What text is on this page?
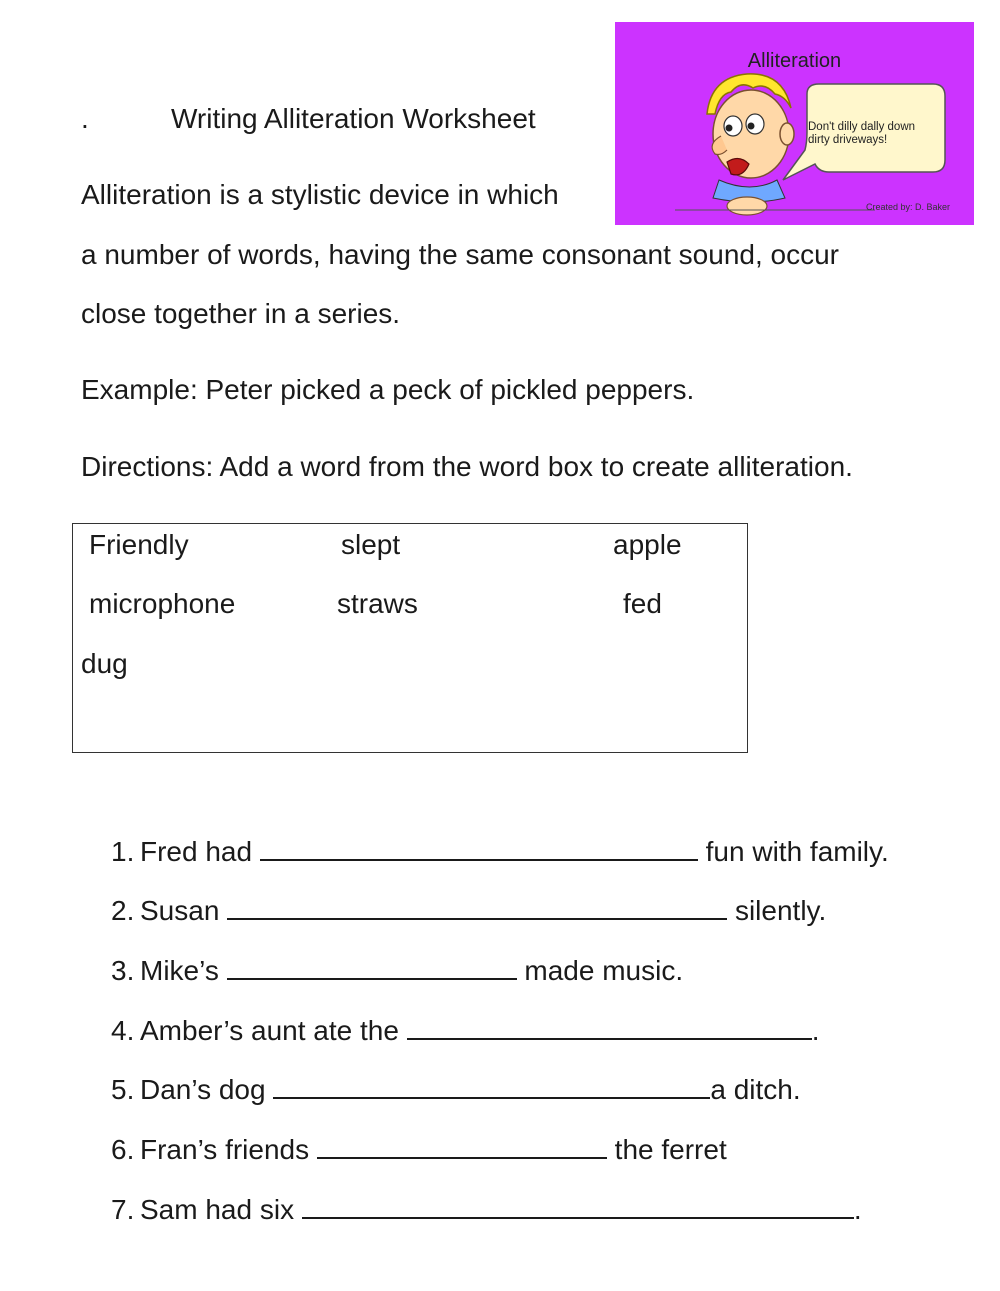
.	Writing Alliteration Worksheet
Alliteration
Don't dilly dally down
dirty driveways!
Created by: D. Baker
Alliteration is a stylistic device in which
a number of words, having the same consonant sound, occur
close together in a series.
Example: Peter picked a peck of pickled peppers.
Directions: Add a word from the word box to create alliteration.
Friendly	slept	apple
microphone	straws	fed
dug
1. Fred had	fun with family.
2. Susan	silently.
3. Mike’s	made music.
4. Amber’s aunt ate the	.
5. Dan’s dog	a ditch.
6. Fran’s friends	the ferret
7. Sam had six	.
